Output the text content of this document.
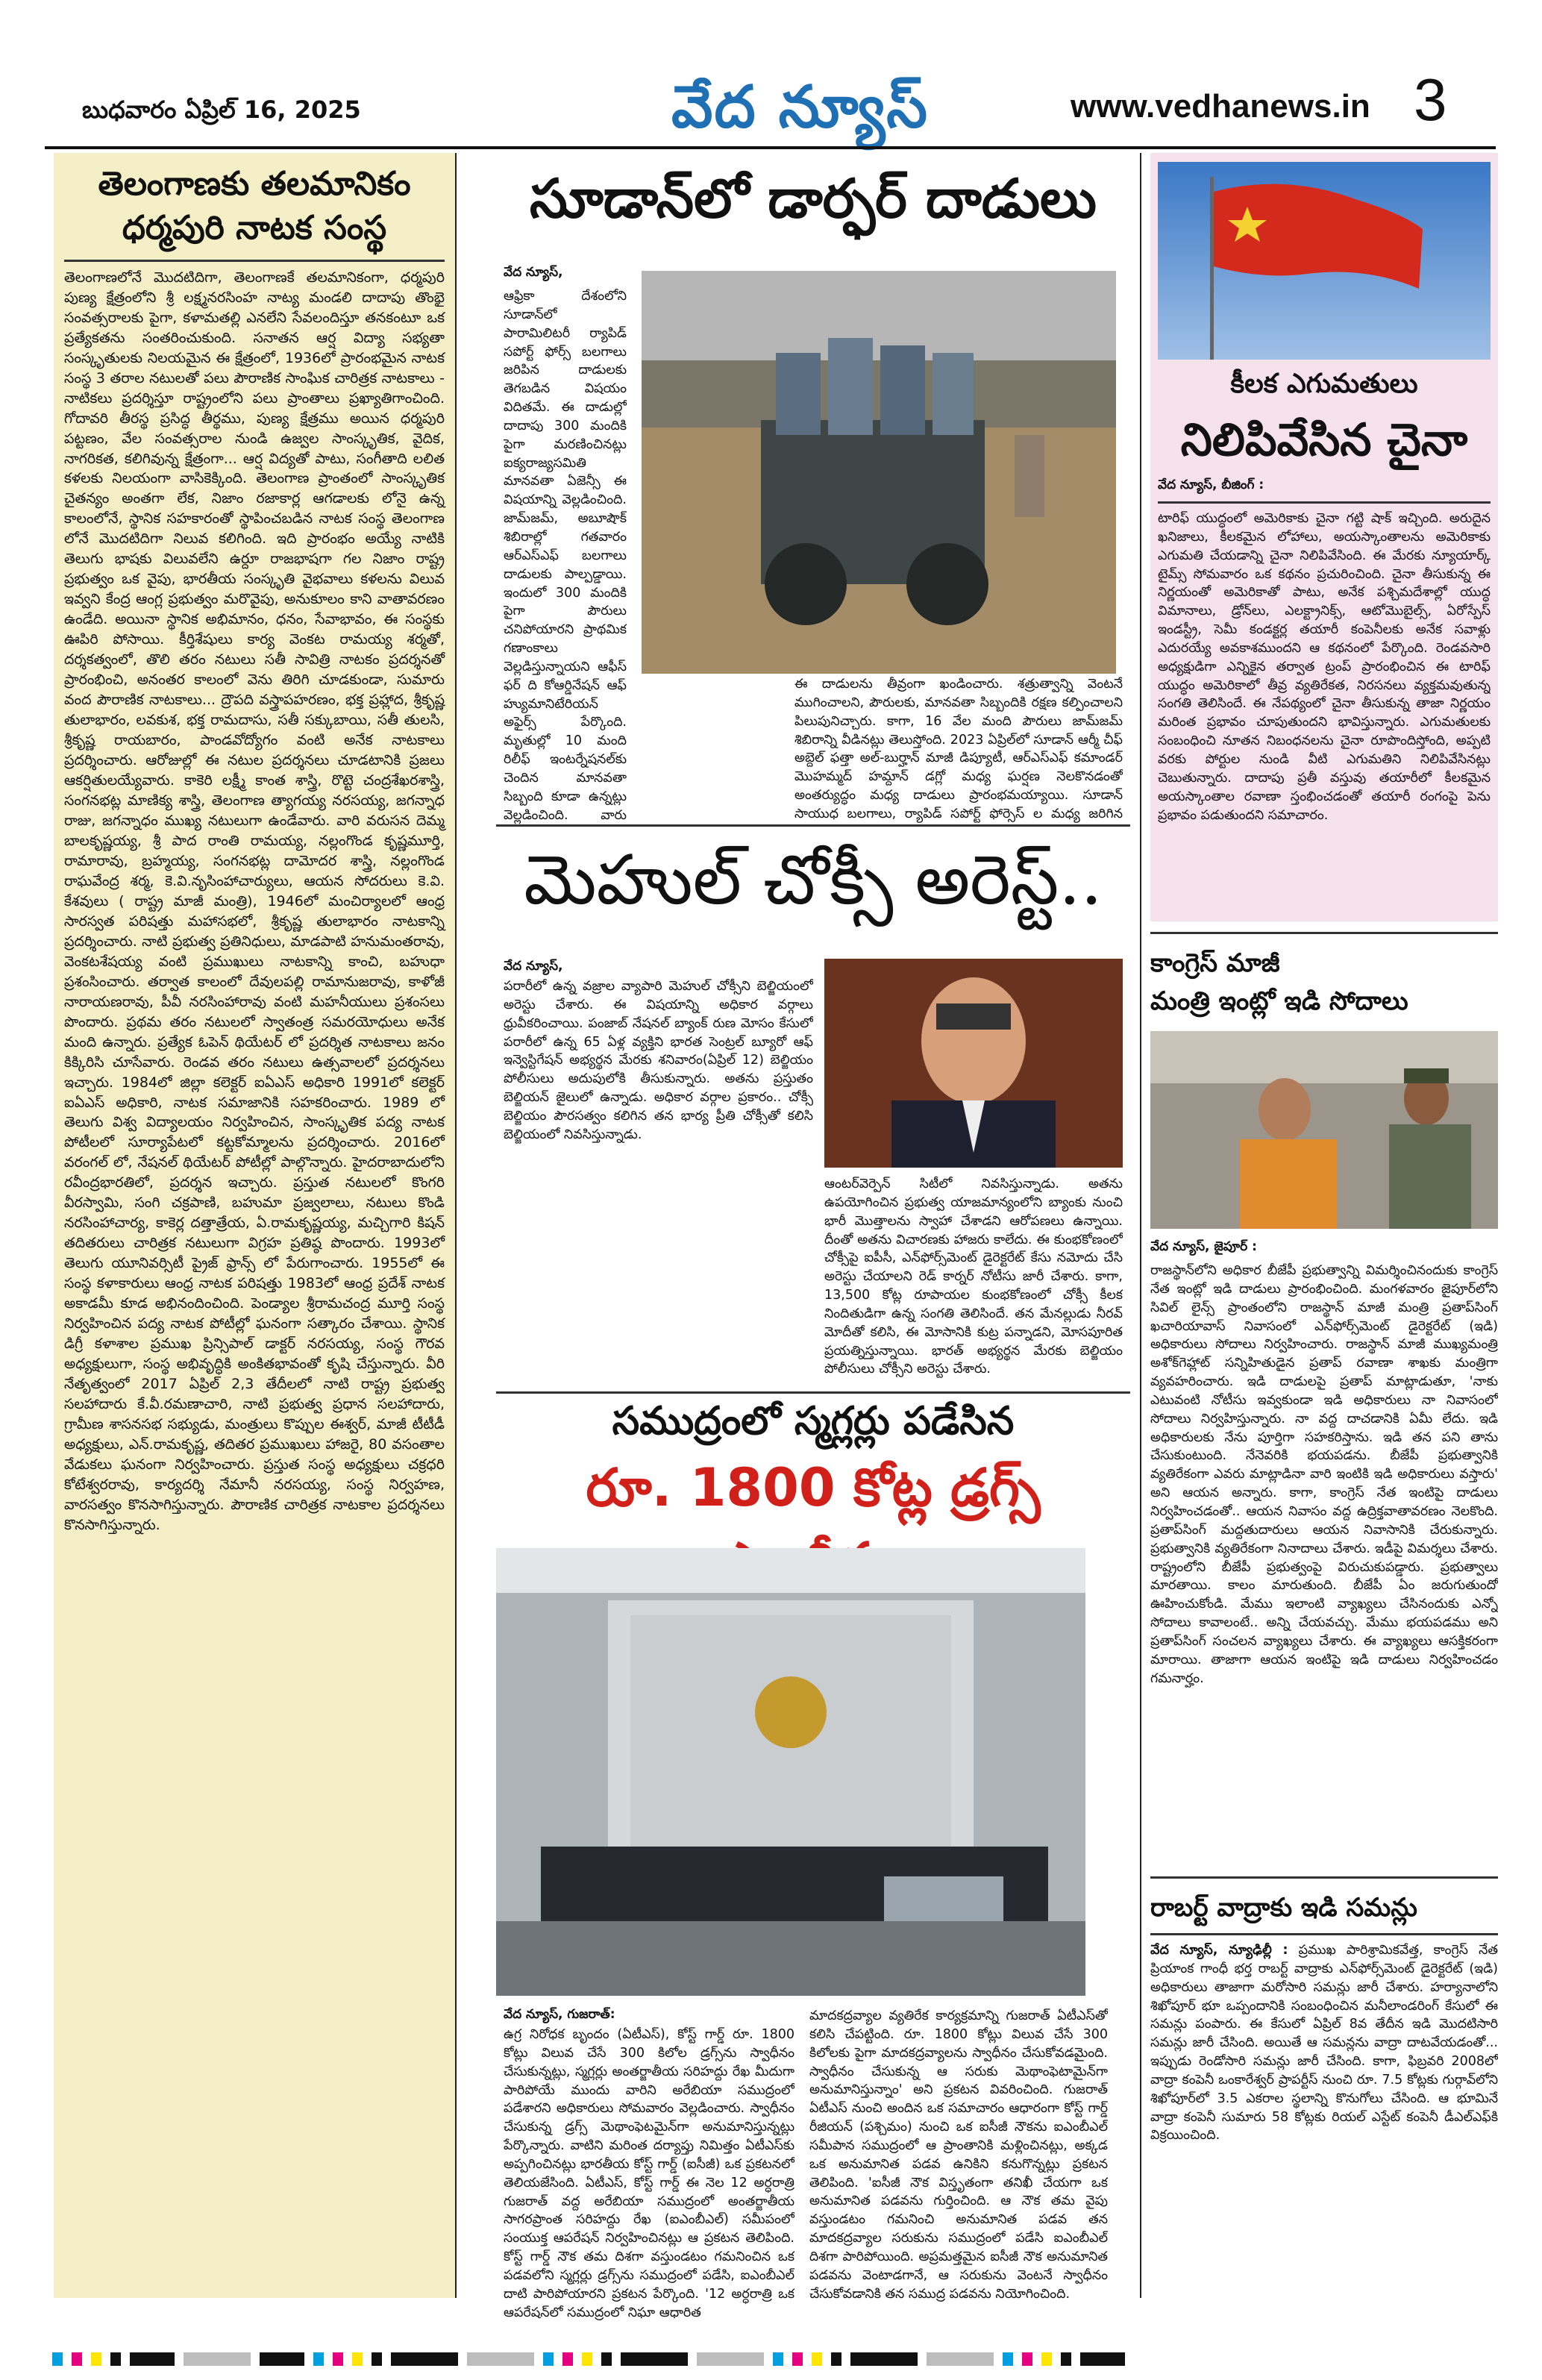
బుధవారం ఏప్రిల్ 16, 2025	వేద న్యూస్	www.vedhanews.in 3
తెలంగాణకు తలమానికం
ధర్మపురి నాటక సంస్థ
తెలంగాణలోనే మొదటిదిగా, తెలంగాణకే తలమానికంగా, ధర్మపురి పుణ్య క్షేత్రంలోని శ్రీ లక్ష్మనరసింహ నాట్య మండలి దాదాపు తొంభై సంవత్సరాలకు పైగా, కళామతల్లి ఎనలేని సేవలందిస్తూ తనకంటూ ఒక ప్రత్యేకతను సంతరించుకుంది. సనాతన ఆర్ష విద్యా సభ్యతా సంస్కృతులకు నిలయమైన ఈ క్షేత్రంలో, 1936లో ప్రారంభమైన నాటక సంస్థ 3 తరాల నటులతో పలు పౌరాణిక సాంఘిక చారిత్రక నాటకాలు - నాటికలు ప్రదర్శిస్తూ రాష్ట్రంలోని పలు ప్రాంతాలు ప్రఖ్యాతిగాంచింది. గోదావరి తీరస్థ ప్రసిద్ధ తీర్థము, పుణ్య క్షేత్రము అయిన ధర్మపురి పట్టణం, వేల సంవత్సరాల నుండి ఉజ్వల సాంస్కృతిక, వైదిక, నాగరికత, కలిగివున్న క్షేత్రంగా... ఆర్ష విద్యతో పాటు, సంగీతాది లలిత కళలకు నిలయంగా వాసికెక్కింది. తెలంగాణ ప్రాంతంలో సాంస్కృతిక చైతన్యం అంతగా లేక, నిజాం రజాకార్ల ఆగడాలకు లోనై ఉన్న కాలంలోనే, స్థానిక సహకారంతో స్థాపించబడిన నాటక సంస్థ తెలంగాణ లోనే మొదటిదిగా నిలువ కలిగింది. ఇది ప్రారంభం అయ్యే నాటికి తెలుగు భాషకు విలువలేని ఉర్దూ రాజభాషగా గల నిజాం రాష్ట్ర ప్రభుత్వం ఒక వైపు, భారతీయ సంస్కృతి వైభవాలు కళలను విలువ ఇవ్వని కేంద్ర ఆంగ్ల ప్రభుత్వం మరొవైపు, అనుకూలం కాని వాతావరణం ఉండేది. అయినా స్థానిక అభిమానం, ధనం, సేవాభావం, ఈ సంస్థకు ఊపిరి పోసాయి. కీర్తిశేషులు కార్య వెంకట రామయ్య శర్మతో, దర్శకత్వంలో, తొలి తరం నటులు సతీ సావిత్రి నాటకం ప్రదర్శనతో ప్రారంభించి, అనంతర కాలంలో వెను తిరిగి చూడకుండా, సుమారు వంద పౌరాణిక నాటకాలు... ద్రౌపది వస్త్రాపహరణం, భక్త ప్రహ్లాద, శ్రీకృష్ణ తులాభారం, లవకుశ, భక్త రామదాసు, సతీ సక్కుబాయి, సతీ తులసి, శ్రీకృష్ణ రాయబారం, పాండవోద్యోగం వంటి అనేక నాటకాలు ప్రదర్శించారు. ఆరోజుల్లో ఈ నటుల ప్రదర్శనలు చూడటానికి ప్రజలు ఆకర్షితులయ్యేవారు. కాకెరి లక్ష్మీ కాంత శాస్త్రి, రొట్టె చంద్రశేఖరశాస్త్రి, సంగనభట్ల మాణిక్య శాస్త్రి, తెలంగాణ త్యాగయ్య నరసయ్య, జగన్నాధ రాజు, జగన్నాధం ముఖ్య నటులుగా ఉండేవారు. వారి వరుసన దెమ్మ బాలకృష్ణయ్య, శ్రీ పాద రాంతి రామయ్య, నల్లంగొండ కృష్ణమూర్తి, రామారావు, బ్రహ్మయ్య, సంగనభట్ల దామోదర శాస్త్రి, నల్లంగొండ రాఘవేంద్ర శర్మ, కె.వి.నృసింహాచార్యులు, ఆయన సోదరులు కె.వి. కేశవులు ( రాష్ట్ర మాజీ మంత్రి), 1946లో మంచిర్యాలలో ఆంధ్ర సారస్వత పరిషత్తు మహాసభలో, శ్రీకృష్ణ తులాభారం నాటకాన్ని ప్రదర్శించారు. నాటి ప్రభుత్వ ప్రతినిధులు, మాడపాటి హనుమంతరావు, వెంకటశేషయ్య వంటి ప్రముఖులు నాటకాన్ని కాంచి, బహుధా ప్రశంసించారు. తర్వాత కాలంలో దేవులపల్లి రామానుజరావు, కాళోజీ నారాయణరావు, పీవీ నరసింహారావు వంటి మహనీయులు ప్రశంసలు పొందారు. ప్రథమ తరం నటులలో స్వాతంత్ర సమరయోధులు అనేక మంది ఉన్నారు. ప్రత్యేక ఓపెన్ థియేటర్ లో ప్రదర్శిత నాటకాలు జనం కిక్కిరిసి చూసేవారు. రెండవ తరం నటులు ఉత్సవాలలో ప్రదర్శనలు ఇచ్చారు. 1984లో జిల్లా కలెక్టర్ ఐఏఎస్ అధికారి 1991లో కలెక్టర్ ఐఏఎస్ అధికారి, నాటక సమాజానికి సహకరించారు. 1989 లో తెలుగు విశ్వ విద్యాలయం నిర్వహించిన, సాంస్కృతిక పద్య నాటక పోటీలలో సూర్యాపేటలో కట్టకోమ్మాలను ప్రదర్శించారు. 2016లో వరంగల్ లో, నేషనల్ థియేటర్ పోటీల్లో పాల్గొన్నారు. హైదరాబాదులోని రవీంద్రభారతిలో, ప్రదర్శన ఇచ్చారు. ప్రస్తుత నటులలో కొంగరి వీరస్వామి, సంగి చక్రపాణి, బహుమా ప్రజ్వలాలు, నటులు కొండి నరసింహాచార్య, కాకెర్ల దత్తాత్రేయ, ఏ.రామకృష్ణయ్య, మచ్చిగారి కిషన్ తదితరులు చారిత్రక నటులుగా విగ్రహ ప్రతిష్ఠ పొందారు. 1993లో తెలుగు యూనివర్సిటీ ప్రైజ్ ఫ్రాన్స్ లో పేరుగాంచారు. 1955లో ఈ సంస్థ కళాకారులు ఆంధ్ర నాటక పరిషత్తు 1983లో ఆంధ్ర ప్రదేశ్ నాటక అకాడమీ కూడ అభినందించింది. పెండ్యాల శ్రీరామచంద్ర మూర్తి సంస్థ నిర్వహించిన పద్య నాటక పోటీల్లో ఘనంగా సత్కారం చేశాయి. స్థానిక డిగ్రీ కళాశాల ప్రముఖ ప్రిన్సిపాల్ డాక్టర్ నరసయ్య, సంస్థ గౌరవ అధ్యక్షులుగా, సంస్థ అభివృద్ధికి అంకితభావంతో కృషి చేస్తున్నారు. వీరి నేతృత్వంలో 2017 ఏప్రిల్ 2,3 తేదీలలో నాటి రాష్ట్ర ప్రభుత్వ సలహాదారు కే.వీ.రమణాచారి, నాటి ప్రభుత్వ ప్రధాన సలహాదారు, గ్రామీణ శాసనసభ సభ్యుడు, మంత్రులు కొప్పుల ఈశ్వర్, మాజీ టీటీడీ అధ్యక్షులు, ఎన్.రామకృష్ణ, తదితర ప్రముఖులు హాజరై, 80 వసంతాల వేడుకలు ఘనంగా నిర్వహించారు. ప్రస్తుత సంస్థ అధ్యక్షులు చక్రధరి కోటేశ్వరరావు, కార్యదర్శి నేమానీ నరసయ్య, సంస్థ నిర్వహణ, వారసత్వం కొనసాగిస్తున్నారు. పౌరాణిక చారిత్రక నాటకాల ప్రదర్శనలు కొనసాగిస్తున్నారు.
సూడాన్‌లో డార్ఫర్ దాడులు
వేద న్యూస్,
ఆఫ్రికా దేశంలోని సూడాన్‌లో పారామిలిటరీ ర్యాపిడ్ సపోర్ట్ ఫోర్స్ బలగాలు జరిపిన దాడులకు తెగబడిన విషయం విదితమే. ఈ దాడుల్లో దాదాపు 300 మందికి పైగా మరణించినట్లు ఐక్యరాజ్యసమితి మానవతా ఏజెన్సీ ఈ విషయాన్ని వెల్లడించింది. జామ్‌జమ్, అబూషౌక్ శిబిరాల్లో గతవారం ఆర్‌ఎస్‌ఎఫ్ బలగాలు దాడులకు పాల్పడ్డాయి. ఇందులో 300 మందికి పైగా పౌరులు చనిపోయారని ప్రాథమిక గణాంకాలు వెల్లడిస్తున్నాయని ఆఫీస్ ఫర్ ది కోఆర్డినేషన్ ఆఫ్ హ్యుమానిటేరియన్ అఫైర్స్ పేర్కొంది. మృతుల్లో 10 మంది రిలీఫ్ ఇంటర్నేషనల్‌కు చెందిన మానవతా సిబ్బంది కూడా ఉన్నట్లు వెల్లడించింది. వారు
ఈ దాడులను తీవ్రంగా ఖండించారు. శత్రుత్వాన్ని వెంటనే ముగించాలని, పౌరులకు, మానవతా సిబ్బందికి రక్షణ కల్పించాలని పిలుపునిచ్చారు. కాగా, 16 వేల మంది పౌరులు జామ్‌జమ్ శిబిరాన్ని వీడినట్లు తెలుస్తోంది. 2023 ఏప్రిల్‌లో సూడాన్ ఆర్మీ చీఫ్ అబ్దెల్ ఫత్తా అల్-బుర్హాన్ మాజీ డిప్యూటీ, ఆర్‌ఎస్‌ఎఫ్ కమాండర్ మొహమ్మద్ హమ్దాన్ డగ్లో‌ మధ్య ఘర్షణ నెలకొనడంతో అంతర్యుద్ధం మధ్య దాడులు ప్రారంభమయ్యాయి. సూడాన్ సాయుధ బలగాలు, ర్యాపిడ్ సపోర్ట్ ఫోర్సెస్ ల మధ్య జరిగిన
మెహుల్ చోక్సీ అరెస్ట్..
వేద న్యూస్,
పరారీలో ఉన్న వజ్రాల వ్యాపారి మెహుల్ చోక్సీని బెల్జియంలో అరెస్టు చేశారు. ఈ విషయాన్ని అధికార వర్గాలు ధ్రువీకరించాయి. పంజాబ్ నేషనల్ బ్యాంక్ రుణ మోసం కేసులో పరారీలో ఉన్న 65 ఏళ్ల వ్యక్తిని భారత సెంట్రల్ బ్యూరో ఆఫ్ ఇన్వెస్టిగేషన్ అభ్యర్థన మేరకు శనివారం(ఏప్రిల్ 12) బెల్జియం పోలీసులు అదుపులోకి తీసుకున్నారు. అతను ప్రస్తుతం బెల్జియన్ జైలులో ఉన్నాడు. అధికార వర్గాల ప్రకారం.. చోక్సీ బెల్జియం పౌరసత్వం కలిగిన తన భార్య ప్రీతి చోక్సీతో కలిసి బెల్జియంలో నివసిస్తున్నాడు.
ఆంటర్‌వెర్పెన్ సిటీలో నివసిస్తున్నాడు. అతను ఉపయోగించిన ప్రభుత్వ యాజమాన్యంలోని బ్యాంకు నుంచి భారీ మొత్తాలను స్వాహా చేశాడని ఆరోపణలు ఉన్నాయి. దీంతో అతను విచారణకు హాజరు కాలేదు. ఈ కుంభకోణంలో చోక్సీపై ఐపీసీ, ఎన్‌ఫోర్స్‌మెంట్ డైరెక్టరేట్ కేసు నమోదు చేసి అరెస్టు చేయాలని రెడ్ కార్నర్ నోటీసు జారీ చేశారు. కాగా, 13,500 కోట్ల రూపాయల కుంభకోణంలో చోక్సీ కీలక నిందితుడిగా ఉన్న సంగతి తెలిసిందే. తన మేనల్లుడు నీరవ్ మోదీతో కలిసి, ఈ మోసానికి కుట్ర పన్నాడని, మోసపూరిత ప్రయత్నిస్తున్నాయి. భారత్ అభ్యర్థన మేరకు బెల్జియం పోలీసులు చోక్సీని అరెస్టు చేశారు.
సముద్రంలో స్మగ్లర్లు పడేసిన
రూ. 1800 కోట్ల డ్రగ్స్
వేద న్యూస్, గుజరాత్:
ఉగ్ర నిరోధక బృందం (ఏటీఎస్), కోస్ట్ గార్డ్ రూ. 1800 కోట్లు విలువ చేసే 300 కిలోల డ్రగ్స్‌ను స్వాధీనం చేసుకున్నట్లు, స్మగ్లర్లు అంతర్జాతీయ సరిహద్దు రేఖ మీదుగా పారిపోయే ముందు వారిని అరేబియా సముద్రంలో పడేశారని అధికారులు సోమవారం వెల్లడించారు. స్వాధీనం చేసుకున్న డ్రగ్స్ మెథాంఫెటమైన్‌గా అనుమానిస్తున్నట్లు పేర్కొన్నారు. వాటిని మరింత దర్యాప్తు నిమిత్తం ఏటీఎస్‌కు అప్పగించినట్లు భారతీయ కోస్ట్ గార్డ్ (ఐసీజీ) ఒక ప్రకటనలో తెలియజేసింది. ఏటీఎస్, కోస్ట్ గార్డ్ ఈ నెల 12 అర్ధరాత్రి గుజరాత్ వద్ద అరేబియా సముద్రంలో అంతర్జాతీయ సాగరప్రాంత సరిహద్దు రేఖ (ఐఎంబీఎల్) సమీపంలో సంయుక్త ఆపరేషన్ నిర్వహించినట్లు ఆ ప్రకటన తెలిపింది. కోస్ట్ గార్డ్ నౌక తమ దిశగా వస్తుండటం గమనించిన ఒక పడవలోని స్మగ్లర్లు డ్రగ్స్‌ను సముద్రంలో పడేసి, ఐఎంబీఎల్ దాటి పారిపోయారని ప్రకటన పేర్కొంది. '12 అర్ధరాత్రి ఒక ఆపరేషన్‌లో సముద్రంలో నిఘా ఆధారిత
మాదకద్రవ్యాల వ్యతిరేక కార్యక్రమాన్ని గుజరాత్ ఏటీఎస్‌తో కలిసి చేపట్టింది. రూ. 1800 కోట్లు విలువ చేసే 300 కిలోలకు పైగా మాదకద్రవ్యాలను స్వాధీనం చేసుకోవడమైంది. స్వాధీనం చేసుకున్న ఆ సరుకు మెథాంఫెటామైన్‌గా అనుమానిస్తున్నాం' అని ప్రకటన వివరించింది. గుజరాత్ ఏటీఎస్ నుంచి అందిన ఒక సమాచారం ఆధారంగా కోస్ట్ గార్డ్ రీజియన్ (పశ్చిమం) నుంచి ఒక ఐసీజీ నౌకను ఐఎంబీఎల్ సమీపాన సముద్రంలో ఆ ప్రాంతానికి మళ్లించినట్లు, అక్కడ ఒక అనుమానిత పడవ ఉనికిని కనుగొన్నట్లు ప్రకటన తెలిపింది. 'ఐసీజీ నౌక విస్తృతంగా తనిఖీ చేయగా ఒక అనుమానిత పడవను గుర్తించింది. ఆ నౌక తమ వైపు వస్తుండటం గమనించి అనుమానిత పడవ తన మాదకద్రవ్యాల సరుకును సముద్రంలో పడేసి ఐఎంబీఎల్ దిశగా పారిపోయింది. అప్రమత్తమైన ఐసీజీ నౌక అనుమానిత పడవను వెంటాడగానే, ఆ సరుకును వెంటనే స్వాధీనం చేసుకోవడానికి తన సముద్ర పడవను నియోగించింది.
కీలక ఎగుమతులు
నిలిపివేసిన చైనా
వేద న్యూస్, బీజింగ్ :
టారిఫ్ యుద్ధంలో అమెరికాకు చైనా గట్టి షాక్ ఇచ్చింది. అరుదైన ఖనిజాలు, కీలకమైన లోహాలు, అయస్కాంతాలను అమెరికాకు ఎగుమతి చేయడాన్ని చైనా నిలిపివేసింది. ఈ మేరకు న్యూయార్క్ టైమ్స్ సోమవారం ఒక కథనం ప్రచురించింది. చైనా తీసుకున్న ఈ నిర్ణయంతో అమెరికాతో పాటు, అనేక పశ్చిమదేశాల్లో యుద్ధ విమానాలు, డ్రోన్‌లు, ఎలక్ట్రానిక్స్, ఆటోమొబైల్స్, ఏరోస్పేస్ ఇండస్ట్రీ, సెమీ కండక్టర్ల తయారీ కంపెనీలకు అనేక సవాళ్లు ఎదురయ్యే అవకాశముందని ఆ కథనంలో పేర్కొంది. రెండవసారి అధ్యక్షుడిగా ఎన్నికైన తర్వాత ట్రంప్ ప్రారంభించిన ఈ టారిఫ్ యుద్ధం అమెరికాలో తీవ్ర వ్యతిరేకత, నిరసనలు వ్యక్తమవుతున్న సంగతి తెలిసిందే. ఈ నేపథ్యంలో చైనా తీసుకున్న తాజా నిర్ణయం మరింత ప్రభావం చూపుతుందని భావిస్తున్నారు. ఎగుమతులకు సంబంధించి నూతన నిబంధనలను చైనా రూపొందిస్తోంది, అప్పటి వరకు పోర్టుల నుండి వీటి ఎగుమతిని నిలిపివేసినట్లు చెబుతున్నారు. దాదాపు ప్రతీ వస్తువు తయారీలో కీలకమైన అయస్కాంతాల రవాణా స్తంభించడంతో తయారీ రంగంపై పెను ప్రభావం పడుతుందని సమాచారం.
కాంగ్రెస్ మాజీ
మంత్రి ఇంట్లో ఇడి సోదాలు
వేద న్యూస్, జైపూర్ :
రాజస్థాన్‌లోని అధికార బీజేపీ ప్రభుత్వాన్ని విమర్శించినందుకు కాంగ్రెస్ నేత ఇంట్లో ఇడి దాడులు ప్రారంభించింది. మంగళవారం జైపూర్‌లోని సివిల్ లైన్స్ ప్రాంతంలోని రాజస్థాన్ మాజీ మంత్రి ప్రతాప్‌సింగ్ ఖచారియావాస్ నివాసంలో ఎన్‌ఫోర్స్‌మెంట్ డైరెక్టరేట్ (ఇడి) అధికారులు సోదాలు నిర్వహించారు. రాజస్థాన్ మాజీ ముఖ్యమంత్రి అశోక్‌గెహ్లాట్ సన్నిహితుడైన ప్రతాప్ రవాణా శాఖకు మంత్రిగా వ్యవహరించారు. ఇడి దాడులపై ప్రతాప్ మాట్లాడుతూ, 'నాకు ఎటువంటి నోటీసు ఇవ్వకుండా ఇడి అధికారులు నా నివాసంలో సోదాలు నిర్వహిస్తున్నారు. నా వద్ద దాచడానికి ఏమీ లేదు. ఇడి అధికారులకు నేను పూర్తిగా సహకరిస్తాను. ఇడి తన పని తాను చేసుకుంటుంది. నేనెవరికి భయపడను. బీజేపీ ప్రభుత్వానికి వ్యతిరేకంగా ఎవరు మాట్లాడినా వారి ఇంటికి ఇడి అధికారులు వస్తారు' అని ఆయన అన్నారు. కాగా, కాంగ్రెస్ నేత ఇంటిపై దాడులు నిర్వహించడంతో.. ఆయన నివాసం వద్ద ఉద్రిక్తవాతావరణం నెలకొంది. ప్రతాప్‌సింగ్ మద్దతుదారులు ఆయన నివాసానికి చేరుకున్నారు. ప్రభుత్వానికి వ్యతిరేకంగా నినాదాలు చేశారు. ఇడీపై విమర్శలు చేశారు. రాష్ట్రంలోని బీజేపీ ప్రభుత్వంపై విరుచుకుపడ్డారు. ప్రభుత్వాలు మారతాయి. కాలం మారుతుంది. బీజేపీ ఏం జరుగుతుందో ఊహించుకోండి. మేము ఇలాంటి వ్యాఖ్యలు చేసినందుకు ఎన్నో సోదాలు కావాలంటే.. అన్ని చేయవచ్చు. మేము భయపడము అని ప్రతాప్‌సింగ్ సంచలన వ్యాఖ్యలు చేశారు. ఈ వ్యాఖ్యలు ఆసక్తికరంగా మారాయి. తాజాగా ఆయన ఇంటిపై ఇడి దాడులు నిర్వహించడం గమనార్హం.
రాబర్ట్ వాద్రాకు ఇడి సమన్లు
వేద న్యూస్, న్యూఢిల్లీ : ప్రముఖ పారిశ్రామికవేత్త, కాంగ్రెస్ నేత ప్రియాంక గాంధీ భర్త రాబర్ట్ వాద్రాకు ఎన్‌ఫోర్స్‌మెంట్ డైరెక్టరేట్ (ఇడి) అధికారులు తాజాగా మరోసారి సమన్లు జారీ చేశారు. హర్యానాలోని శిఖోపూర్ భూ ఒప్పందానికి సంబంధించిన మనీలాండరింగ్ కేసులో ఈ సమన్లు పంపారు. ఈ కేసులో ఏప్రిల్ 8వ తేదీన ఇడి మొదటిసారి సమన్లు జారీ చేసింది. అయితే ఆ సమన్లను వాద్రా దాటవేయడంతో... ఇప్పుడు రెండోసారి సమన్లు జారీ చేసింది. కాగా, ఫిబ్రవరి 2008లో వాద్రా కంపెనీ ఒంకారేశ్వర్ ప్రాపర్టీస్ నుంచి రూ. 7.5 కోట్లకు గుర్గావ్‌లోని శిఖోపూర్‌లో 3.5 ఎకరాల స్థలాన్ని కొనుగోలు చేసింది. ఆ భూమినే వాద్రా కంపెనీ సుమారు 58 కోట్లకు రియల్ ఎస్టేట్ కంపెనీ డీఎల్ఎఫ్‌కి విక్రయించింది.
